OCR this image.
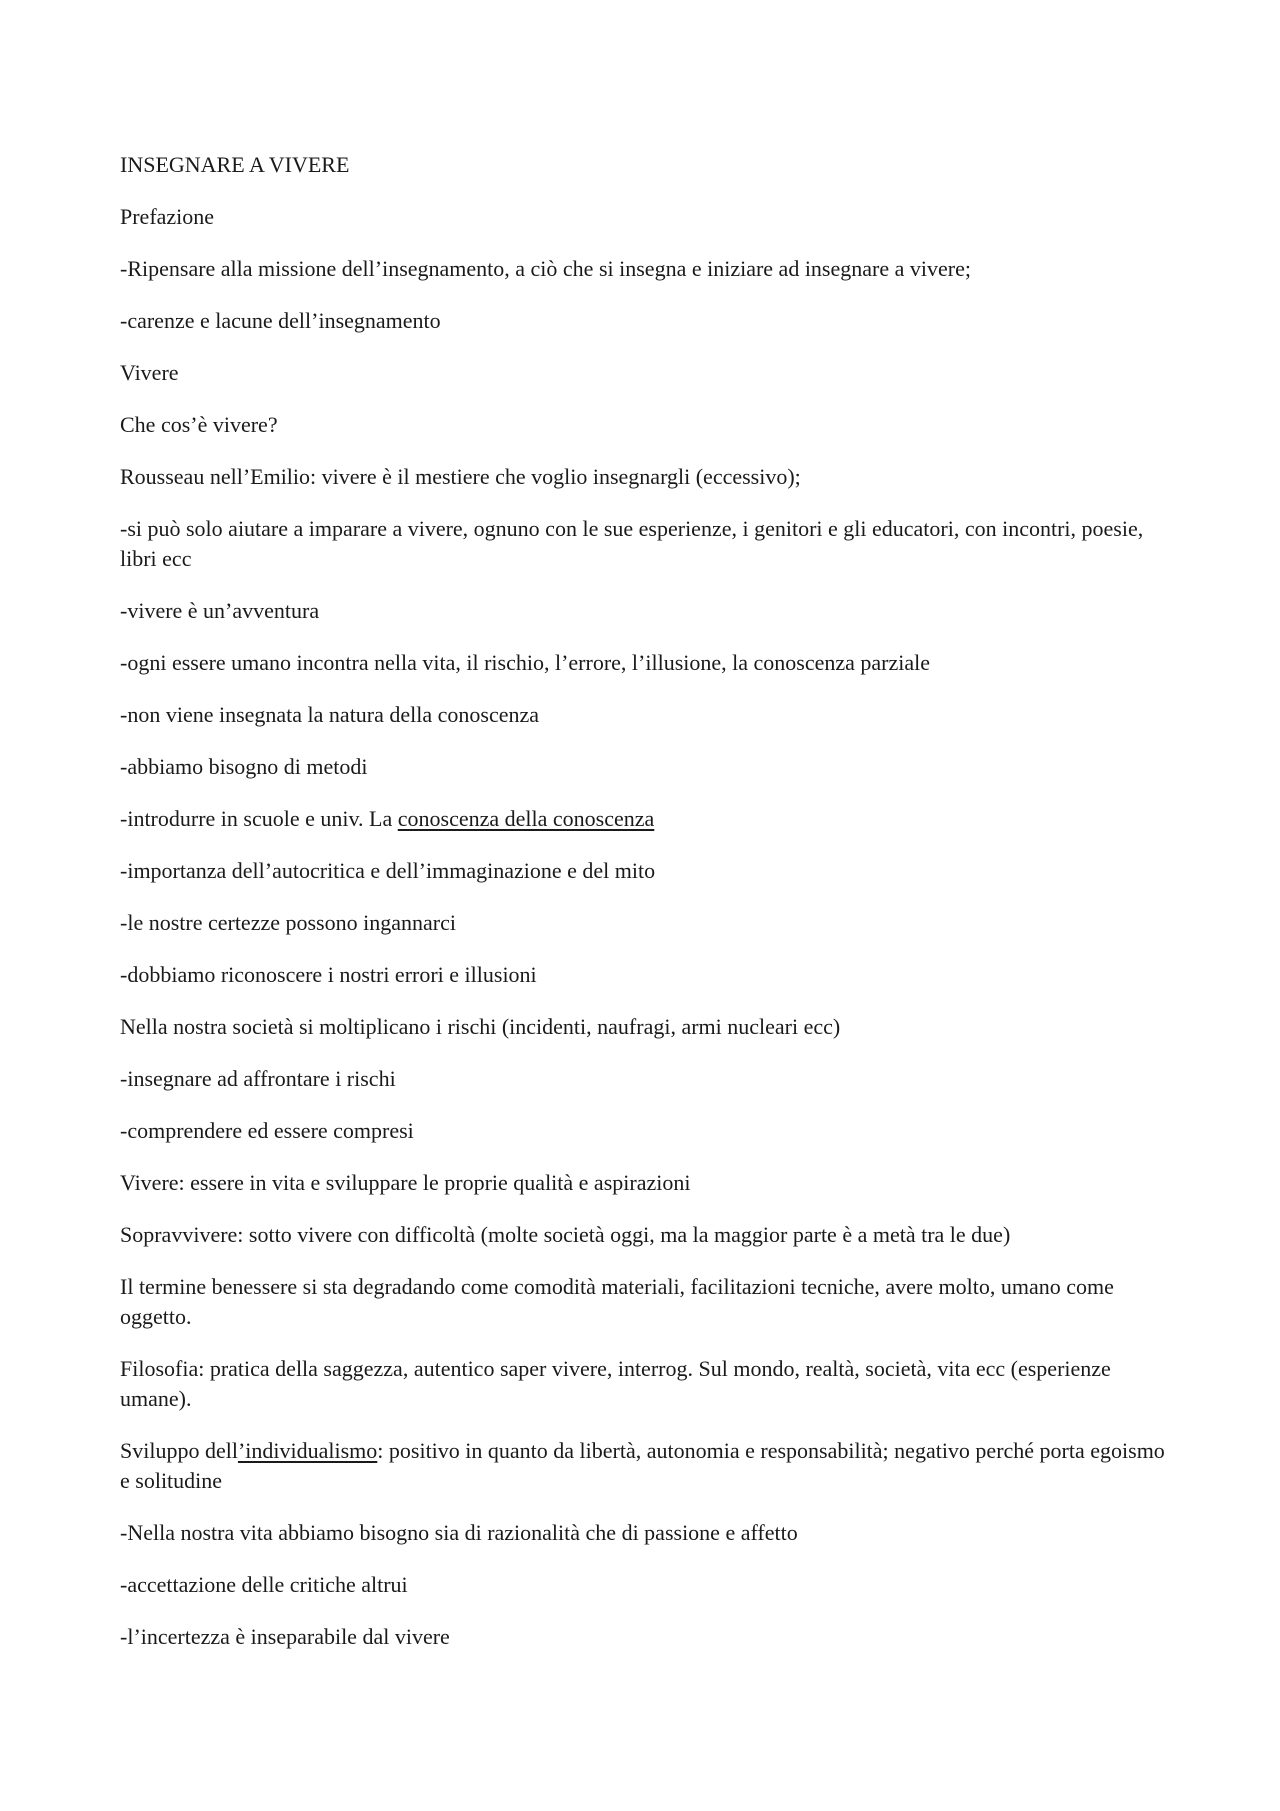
INSEGNARE A VIVERE

Prefazione

-Ripensare alla missione dell’insegnamento, a ciò che si insegna e iniziare ad insegnare a vivere;

-carenze e lacune dell’insegnamento

Vivere

Che cos’è vivere?

Rousseau nell’Emilio: vivere è il mestiere che voglio insegnargli (eccessivo);

-si può solo aiutare a imparare a vivere, ognuno con le sue esperienze, i genitori e gli educatori, con incontri, poesie, libri ecc

-vivere è un’avventura

-ogni essere umano incontra nella vita, il rischio, l’errore, l’illusione, la conoscenza parziale

-non viene insegnata la natura della conoscenza

-abbiamo bisogno di metodi

-introdurre in scuole e univ. La conoscenza della conoscenza

-importanza dell’autocritica e dell’immaginazione e del mito

-le nostre certezze possono ingannarci

-dobbiamo riconoscere i nostri errori e illusioni

Nella nostra società si moltiplicano i rischi (incidenti, naufragi, armi nucleari ecc)

-insegnare ad affrontare i rischi

-comprendere ed essere compresi

Vivere: essere in vita e sviluppare le proprie qualità e aspirazioni

Sopravvivere: sotto vivere con difficoltà (molte società oggi, ma la maggior parte è a metà tra le due)

Il termine benessere si sta degradando come comodità materiali, facilitazioni tecniche, avere molto, umano come oggetto.

Filosofia: pratica della saggezza, autentico saper vivere, interrog. Sul mondo, realtà, società, vita ecc (esperienze umane).

Sviluppo dell’individualismo: positivo in quanto da libertà, autonomia e responsabilità; negativo perché porta egoismo e solitudine

-Nella nostra vita abbiamo bisogno sia di razionalità che di passione e affetto

-accettazione delle critiche altrui

-l’incertezza è inseparabile dal vivere
